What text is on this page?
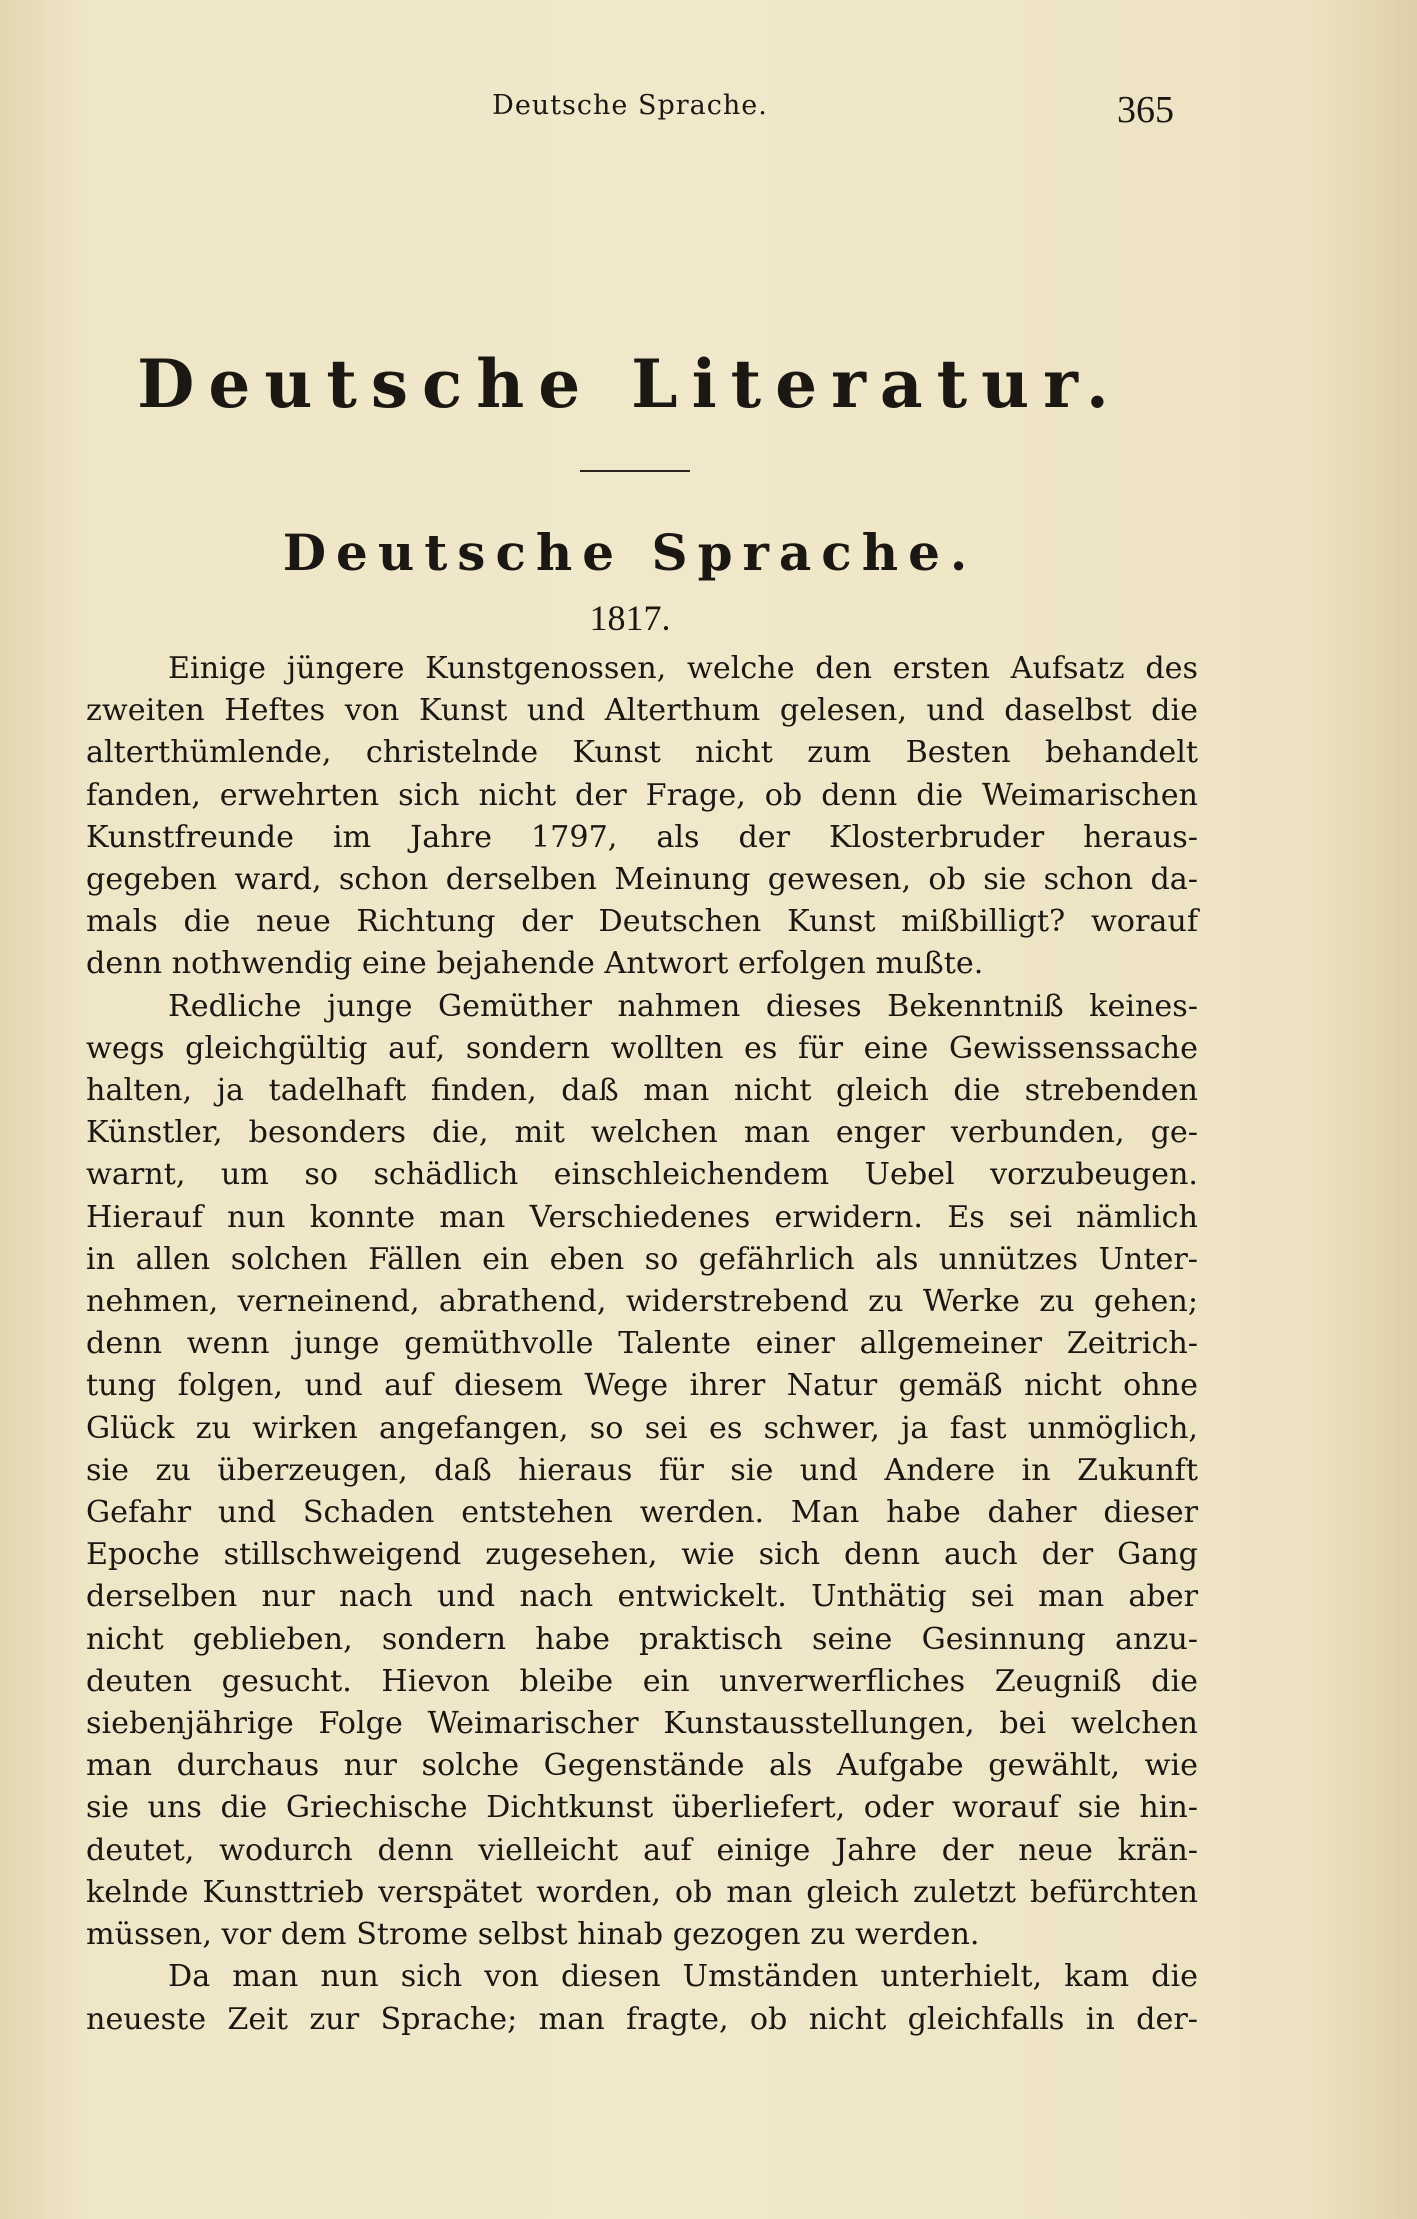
Deutsche Sprache.	365
Deutsche Literatur.
Deutsche Sprache.
1817.
Einige jüngere Kunstgenossen, welche den ersten Aufsatz des
zweiten Heftes von Kunst und Alterthum gelesen, und daselbst die
alterthümlende, christelnde Kunst nicht zum Besten behandelt
fanden, erwehrten sich nicht der Frage, ob denn die Weimarischen
Kunstfreunde im Jahre 1797, als der Klosterbruder heraus-
gegeben ward, schon derselben Meinung gewesen, ob sie schon da-
mals die neue Richtung der Deutschen Kunst mißbilligt? worauf
denn nothwendig eine bejahende Antwort erfolgen mußte.
Redliche junge Gemüther nahmen dieses Bekenntniß keines-
wegs gleichgültig auf, sondern wollten es für eine Gewissenssache
halten, ja tadelhaft finden, daß man nicht gleich die strebenden
Künstler, besonders die, mit welchen man enger verbunden, ge-
warnt, um so schädlich einschleichendem Uebel vorzubeugen.
Hierauf nun konnte man Verschiedenes erwidern. Es sei nämlich
in allen solchen Fällen ein eben so gefährlich als unnützes Unter-
nehmen, verneinend, abrathend, widerstrebend zu Werke zu gehen;
denn wenn junge gemüthvolle Talente einer allgemeiner Zeitrich-
tung folgen, und auf diesem Wege ihrer Natur gemäß nicht ohne
Glück zu wirken angefangen, so sei es schwer, ja fast unmöglich,
sie zu überzeugen, daß hieraus für sie und Andere in Zukunft
Gefahr und Schaden entstehen werden. Man habe daher dieser
Epoche stillschweigend zugesehen, wie sich denn auch der Gang
derselben nur nach und nach entwickelt. Unthätig sei man aber
nicht geblieben, sondern habe praktisch seine Gesinnung anzu-
deuten gesucht. Hievon bleibe ein unverwerfliches Zeugniß die
siebenjährige Folge Weimarischer Kunstausstellungen, bei welchen
man durchaus nur solche Gegenstände als Aufgabe gewählt, wie
sie uns die Griechische Dichtkunst überliefert, oder worauf sie hin-
deutet, wodurch denn vielleicht auf einige Jahre der neue krän-
kelnde Kunsttrieb verspätet worden, ob man gleich zuletzt befürchten
müssen, vor dem Strome selbst hinab gezogen zu werden.
Da man nun sich von diesen Umständen unterhielt, kam die
neueste Zeit zur Sprache; man fragte, ob nicht gleichfalls in der-
